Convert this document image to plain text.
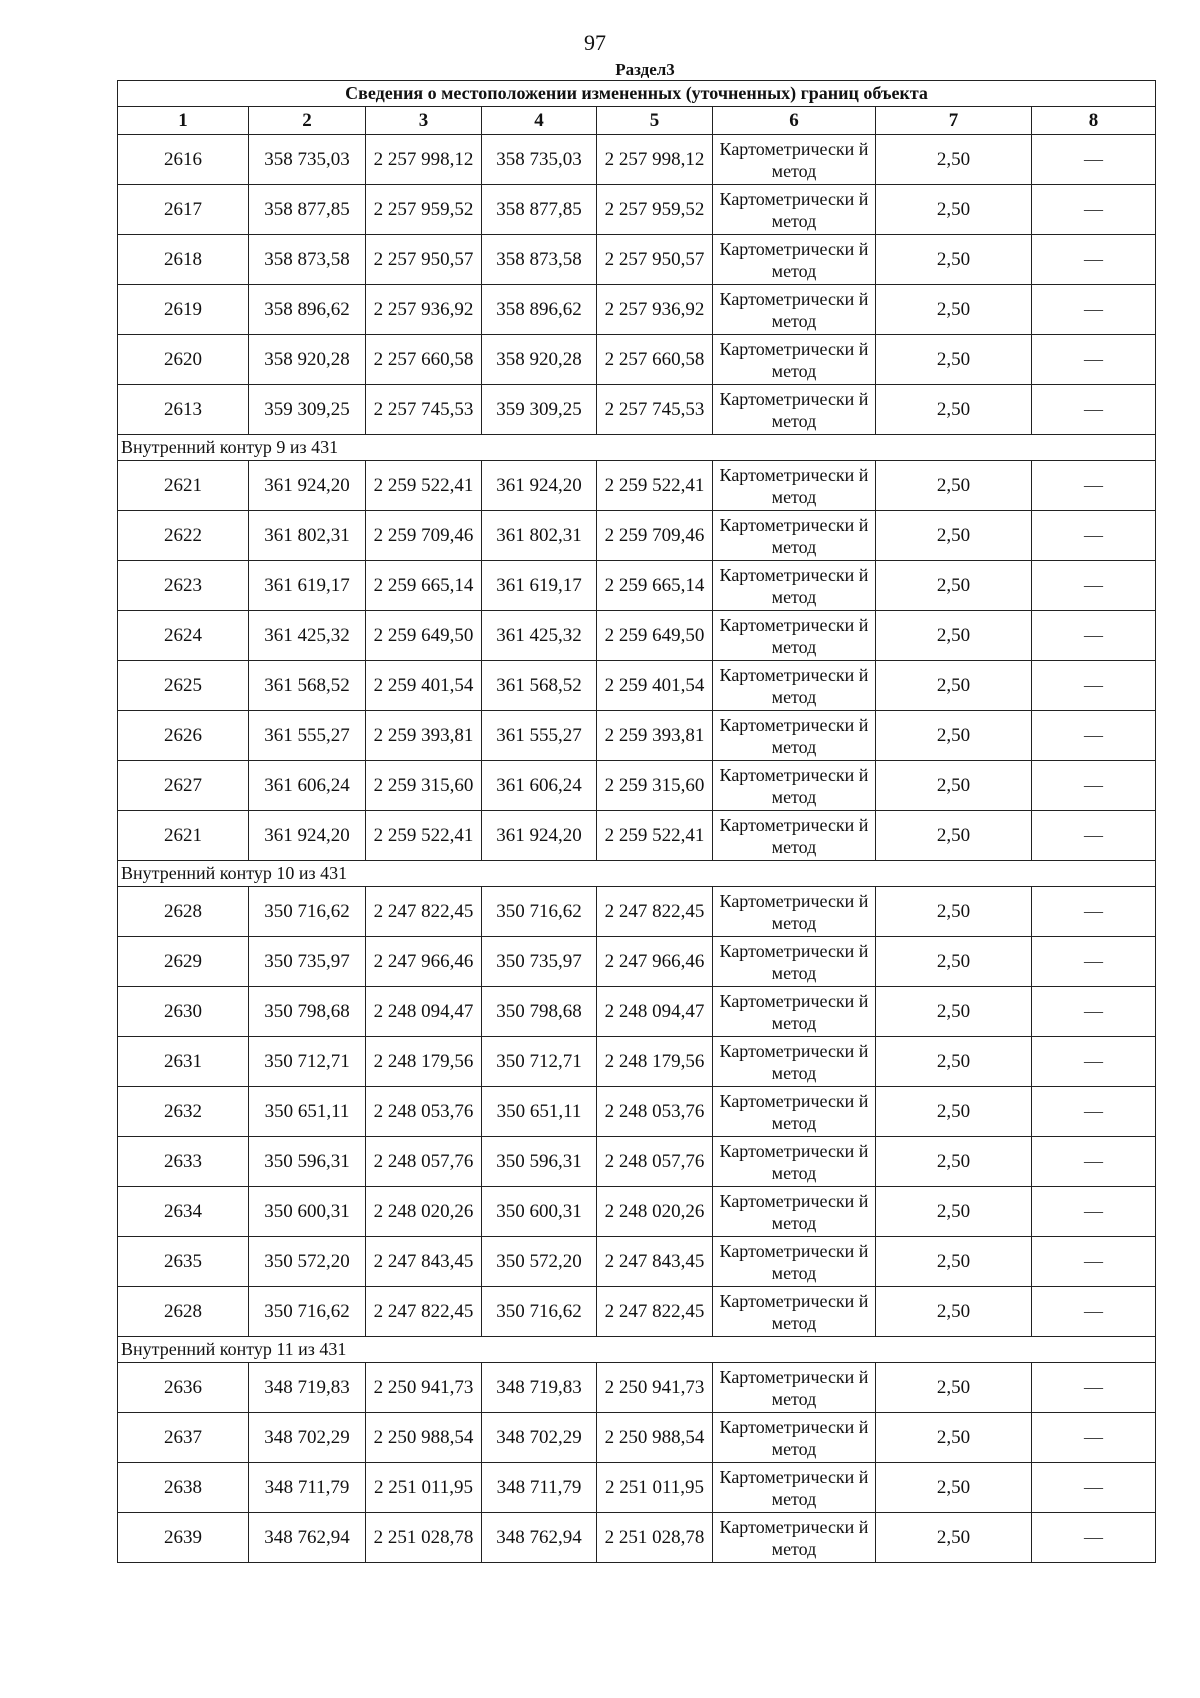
97
Раздел3
Сведения о местоположении измененных (уточненных) границ объекта							
1	2	3	4	5	6	7	8
2616	358 735,03	2 257 998,12	358 735,03	2 257 998,12	Картометрически й метод	2,50	—
2617	358 877,85	2 257 959,52	358 877,85	2 257 959,52	Картометрически й метод	2,50	—
2618	358 873,58	2 257 950,57	358 873,58	2 257 950,57	Картометрически й метод	2,50	—
2619	358 896,62	2 257 936,92	358 896,62	2 257 936,92	Картометрически й метод	2,50	—
2620	358 920,28	2 257 660,58	358 920,28	2 257 660,58	Картометрически й метод	2,50	—
2613	359 309,25	2 257 745,53	359 309,25	2 257 745,53	Картометрически й метод	2,50	—
Внутренний контур 9 из 431							
2621	361 924,20	2 259 522,41	361 924,20	2 259 522,41	Картометрически й метод	2,50	—
2622	361 802,31	2 259 709,46	361 802,31	2 259 709,46	Картометрически й метод	2,50	—
2623	361 619,17	2 259 665,14	361 619,17	2 259 665,14	Картометрически й метод	2,50	—
2624	361 425,32	2 259 649,50	361 425,32	2 259 649,50	Картометрически й метод	2,50	—
2625	361 568,52	2 259 401,54	361 568,52	2 259 401,54	Картометрически й метод	2,50	—
2626	361 555,27	2 259 393,81	361 555,27	2 259 393,81	Картометрически й метод	2,50	—
2627	361 606,24	2 259 315,60	361 606,24	2 259 315,60	Картометрически й метод	2,50	—
2621	361 924,20	2 259 522,41	361 924,20	2 259 522,41	Картометрически й метод	2,50	—
Внутренний контур 10 из 431							
2628	350 716,62	2 247 822,45	350 716,62	2 247 822,45	Картометрически й метод	2,50	—
2629	350 735,97	2 247 966,46	350 735,97	2 247 966,46	Картометрически й метод	2,50	—
2630	350 798,68	2 248 094,47	350 798,68	2 248 094,47	Картометрически й метод	2,50	—
2631	350 712,71	2 248 179,56	350 712,71	2 248 179,56	Картометрически й метод	2,50	—
2632	350 651,11	2 248 053,76	350 651,11	2 248 053,76	Картометрически й метод	2,50	—
2633	350 596,31	2 248 057,76	350 596,31	2 248 057,76	Картометрически й метод	2,50	—
2634	350 600,31	2 248 020,26	350 600,31	2 248 020,26	Картометрически й метод	2,50	—
2635	350 572,20	2 247 843,45	350 572,20	2 247 843,45	Картометрически й метод	2,50	—
2628	350 716,62	2 247 822,45	350 716,62	2 247 822,45	Картометрически й метод	2,50	—
Внутренний контур 11 из 431							
2636	348 719,83	2 250 941,73	348 719,83	2 250 941,73	Картометрически й метод	2,50	—
2637	348 702,29	2 250 988,54	348 702,29	2 250 988,54	Картометрически й метод	2,50	—
2638	348 711,79	2 251 011,95	348 711,79	2 251 011,95	Картометрически й метод	2,50	—
2639	348 762,94	2 251 028,78	348 762,94	2 251 028,78	Картометрически й метод	2,50	—
